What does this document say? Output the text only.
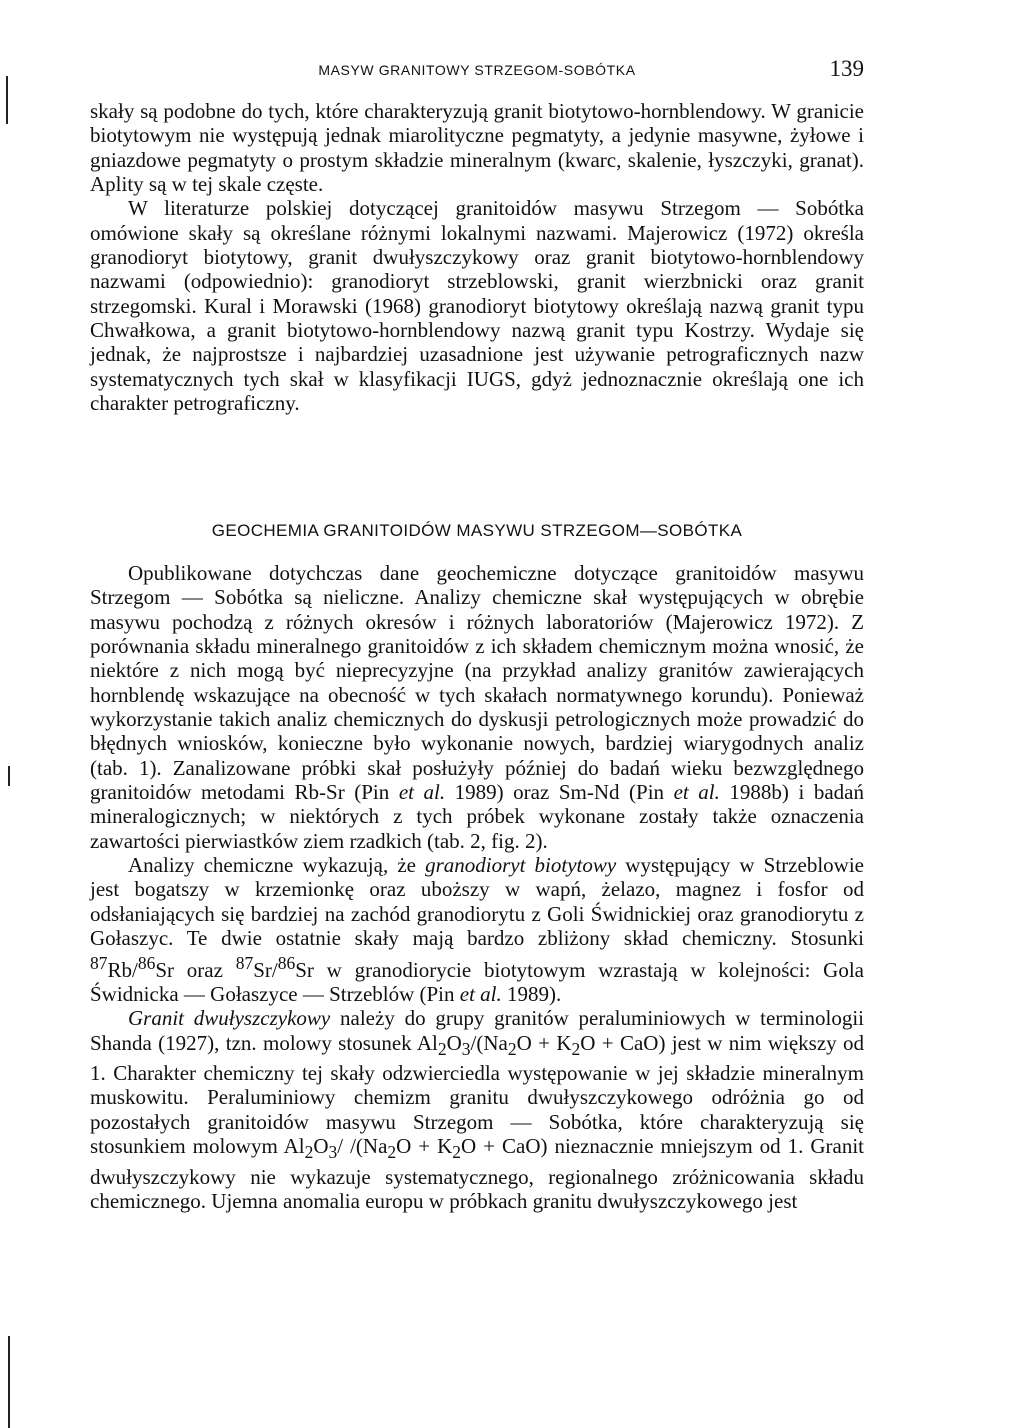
MASYW GRANITOWY STRZEGOM-SOBÓTKA	139

skały są podobne do tych, które charakteryzują granit biotytowo-hornblendowy. W granicie biotytowym nie występują jednak miarolityczne pegmatyty, a jedynie masywne, żyłowe i gniazdowe pegmatyty o prostym składzie mineralnym (kwarc, skalenie, łyszczyki, granat). Aplity są w tej skale częste.

W literaturze polskiej dotyczącej granitoidów masywu Strzegom — Sobótka omówione skały są określane różnymi lokalnymi nazwami. Majerowicz (1972) określa granodioryt biotytowy, granit dwułyszczykowy oraz granit biotytowo-hornblendowy nazwami (odpowiednio): granodioryt strzeblowski, granit wierzbnicki oraz granit strzegomski. Kural i Morawski (1968) granodioryt biotytowy określają nazwą granit typu Chwałkowa, a granit biotytowo-hornblendowy nazwą granit typu Kostrzy. Wydaje się jednak, że najprostsze i najbardziej uzasadnione jest używanie petrograficznych nazw systematycznych tych skał w klasyfikacji IUGS, gdyż jednoznacznie określają one ich charakter petrograficzny.

GEOCHEMIA GRANITOIDÓW MASYWU STRZEGOM—SOBÓTKA

Opublikowane dotychczas dane geochemiczne dotyczące granitoidów masywu Strzegom — Sobótka są nieliczne. Analizy chemiczne skał występujących w obrębie masywu pochodzą z różnych okresów i różnych laboratoriów (Majerowicz 1972). Z porównania składu mineralnego granitoidów z ich składem chemicznym można wnosić, że niektóre z nich mogą być nieprecyzyjne (na przykład analizy granitów zawierających hornblendę wskazujące na obecność w tych skałach normatywnego korundu). Ponieważ wykorzystanie takich analiz chemicznych do dyskusji petrologicznych może prowadzić do błędnych wniosków, konieczne było wykonanie nowych, bardziej wiarygodnych analiz (tab. 1). Zanalizowane próbki skał posłużyły później do badań wieku bezwzględnego granitoidów metodami Rb-Sr (Pin et al. 1989) oraz Sm-Nd (Pin et al. 1988b) i badań mineralogicznych; w niektórych z tych próbek wykonane zostały także oznaczenia zawartości pierwiastków ziem rzadkich (tab. 2, fig. 2).

Analizy chemiczne wykazują, że granodioryt biotytowy występujący w Strzeblowie jest bogatszy w krzemionkę oraz uboższy w wapń, żelazo, magnez i fosfor od odsłaniających się bardziej na zachód granodiorytu z Goli Świdnickiej oraz granodiorytu z Gołaszyc. Te dwie ostatnie skały mają bardzo zbliżony skład chemiczny. Stosunki $^{87}$Rb/$^{86}$Sr oraz $^{87}$Sr/$^{86}$Sr w granodiorycie biotytowym wzrastają w kolejności: Gola Świdnicka — Gołaszyce — Strzeblów (Pin et al. 1989).

Granit dwułyszczykowy należy do grupy granitów peraluminiowych w terminologii Shanda (1927), tzn. molowy stosunek $Al_2O_3/(Na_2O + K_2O + CaO)$ jest w nim większy od 1. Charakter chemiczny tej skały odzwierciedla występowanie w jej składzie mineralnym muskowitu. Peraluminiowy chemizm granitu dwułyszczykowego odróżnia go od pozostałych granitoidów masywu Strzegom — Sobótka, które charakteryzują się stosunkiem molowym $Al_2O_3/$ $/(Na_2O + K_2O + CaO)$ nieznacznie mniejszym od 1. Granit dwułyszczykowy nie wykazuje systematycznego, regionalnego zróżnicowania składu chemicznego. Ujemna anomalia europu w próbkach granitu dwułyszczykowego jest
